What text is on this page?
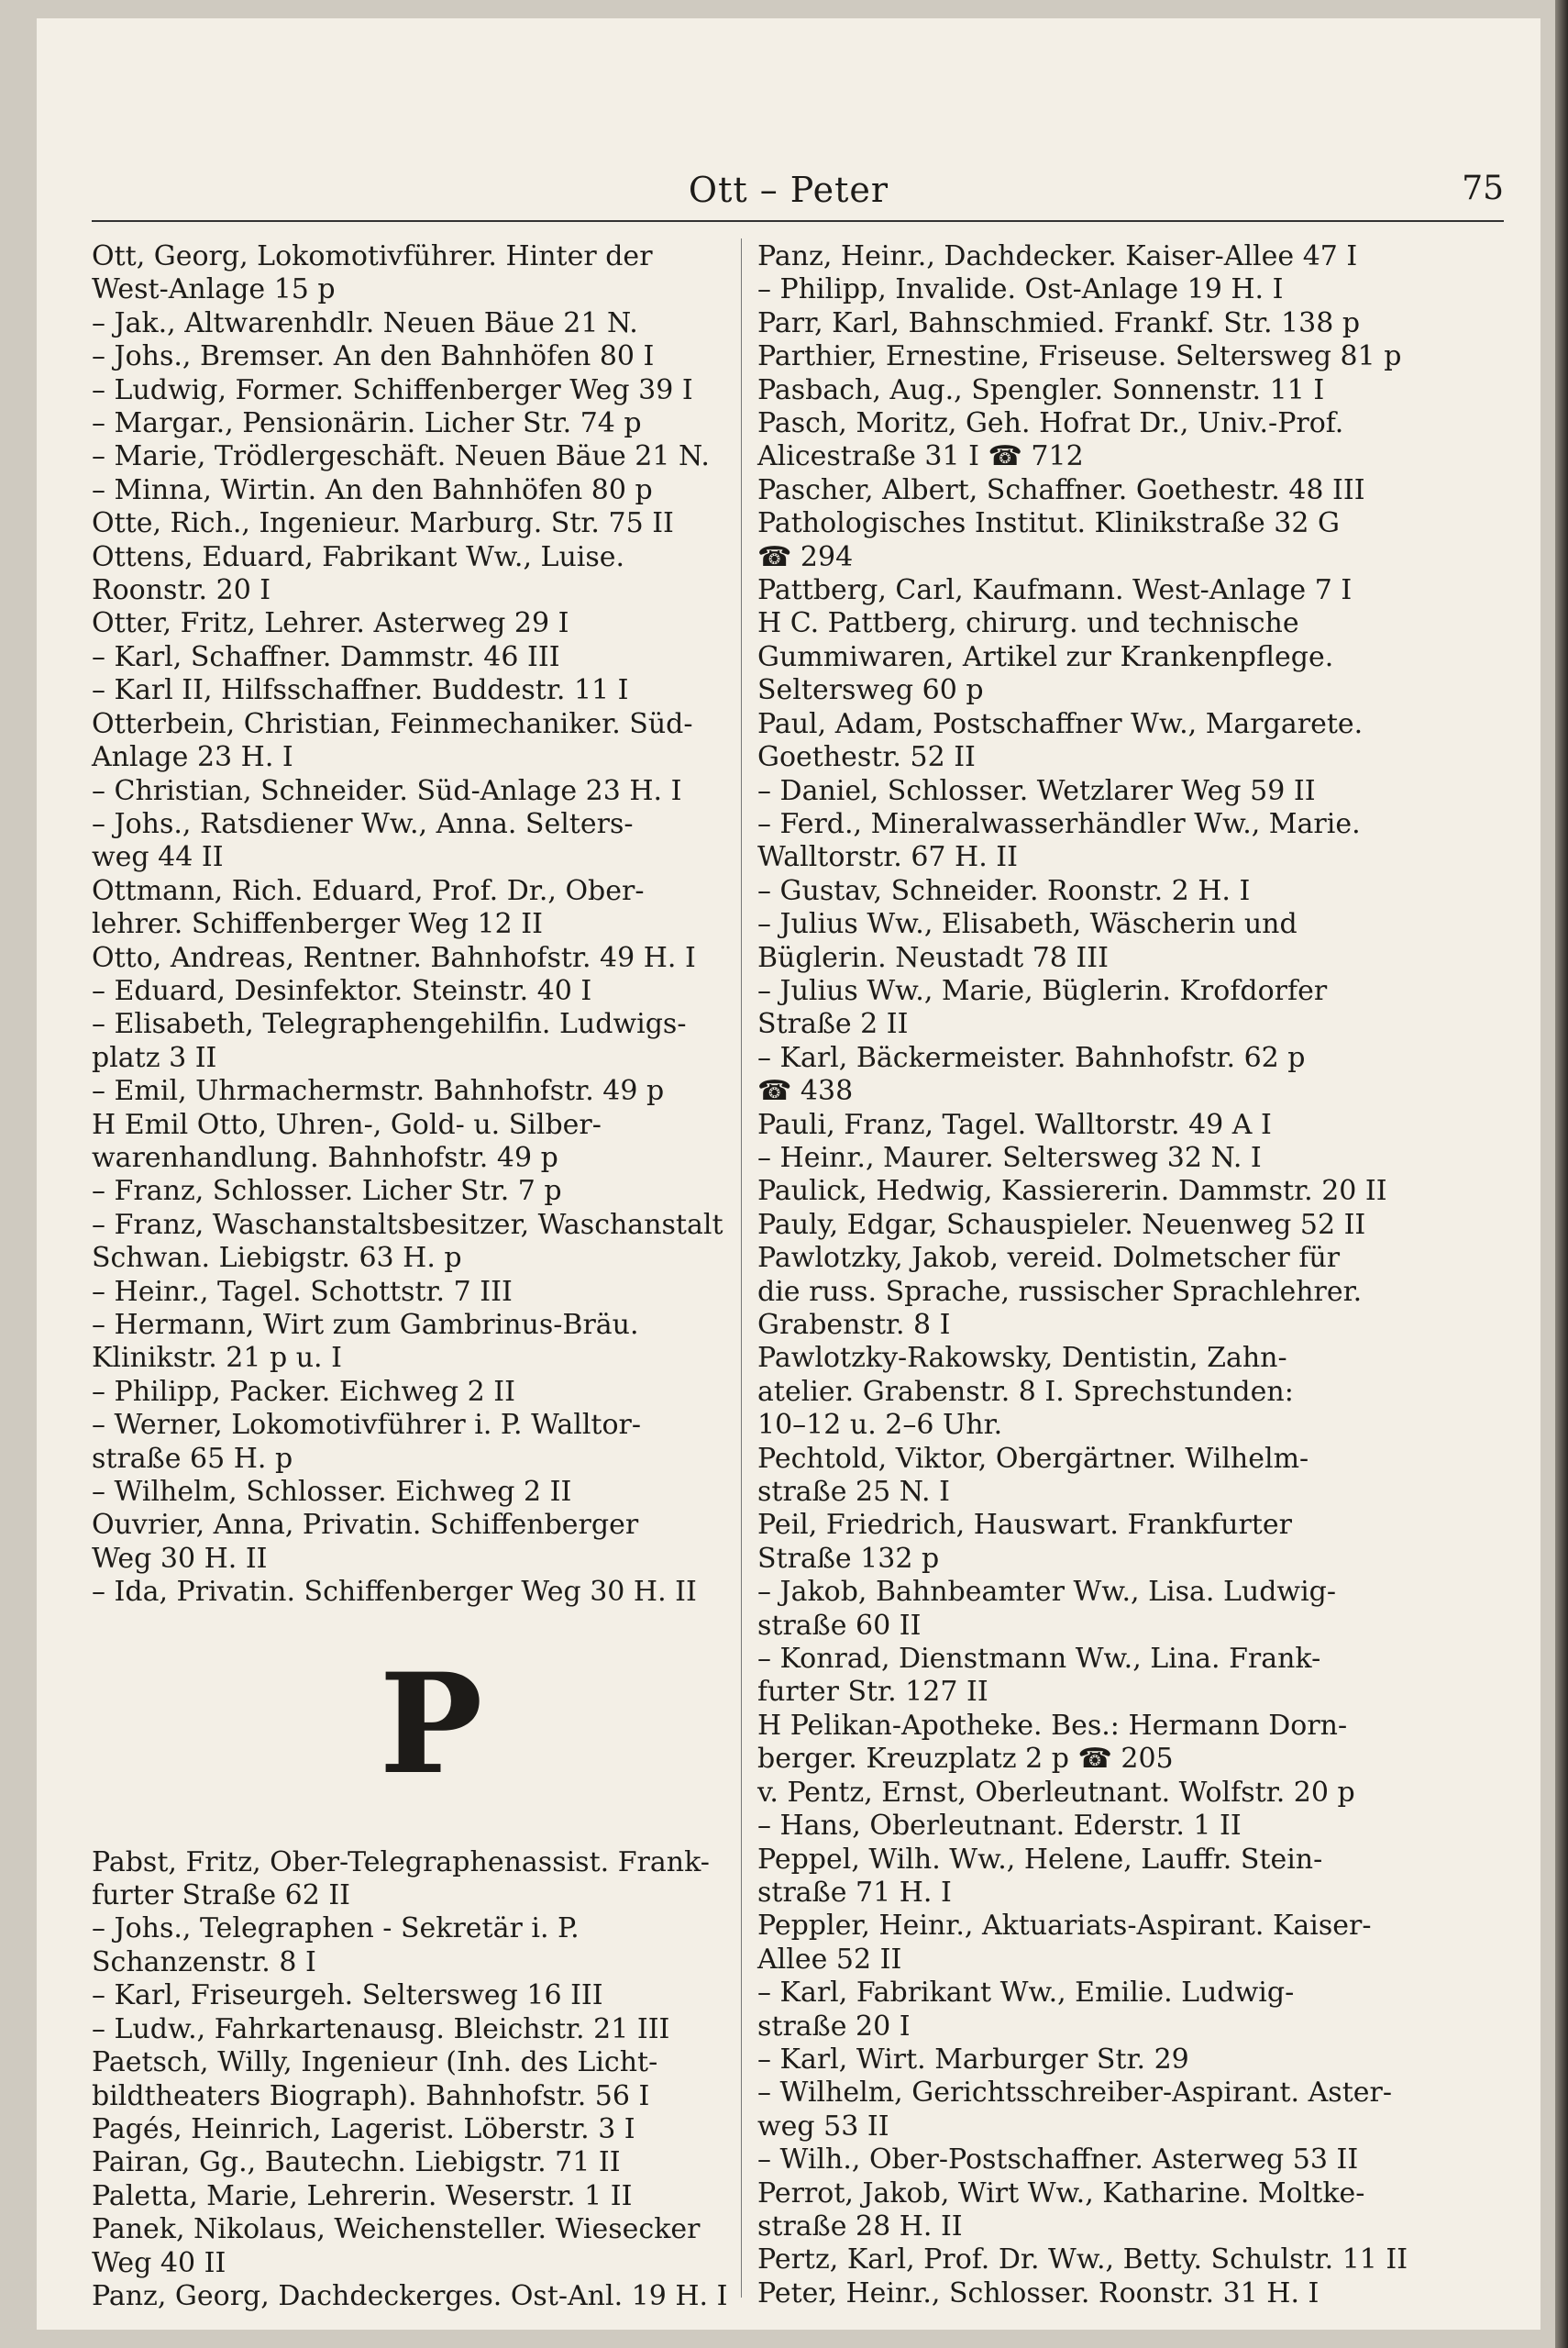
Ott – Peter	75
Ott, Georg, Lokomotivführer. Hinter der
West-Anlage 15 p
– Jak., Altwarenhdlr. Neuen Bäue 21 N.
– Johs., Bremser. An den Bahnhöfen 80 I
– Ludwig, Former. Schiffenberger Weg 39 I
– Margar., Pensionärin. Licher Str. 74 p
– Marie, Trödlergeschäft. Neuen Bäue 21 N.
– Minna, Wirtin. An den Bahnhöfen 80 p
Otte, Rich., Ingenieur. Marburg. Str. 75 II
Ottens, Eduard, Fabrikant Ww., Luise.
Roonstr. 20 I
Otter, Fritz, Lehrer. Asterweg 29 I
– Karl, Schaffner. Dammstr. 46 III
– Karl II, Hilfsschaffner. Buddestr. 11 I
Otterbein, Christian, Feinmechaniker. Süd-
Anlage 23 H. I
– Christian, Schneider. Süd-Anlage 23 H. I
– Johs., Ratsdiener Ww., Anna. Selters-
weg 44 II
Ottmann, Rich. Eduard, Prof. Dr., Ober-
lehrer. Schiffenberger Weg 12 II
Otto, Andreas, Rentner. Bahnhofstr. 49 H. I
– Eduard, Desinfektor. Steinstr. 40 I
– Elisabeth, Telegraphengehilfin. Ludwigs-
platz 3 II
– Emil, Uhrmachermstr. Bahnhofstr. 49 p
H Emil Otto, Uhren-, Gold- u. Silber-
warenhandlung. Bahnhofstr. 49 p
– Franz, Schlosser. Licher Str. 7 p
– Franz, Waschanstaltsbesitzer, Waschanstalt
Schwan. Liebigstr. 63 H. p
– Heinr., Tagel. Schottstr. 7 III
– Hermann, Wirt zum Gambrinus-Bräu.
Klinikstr. 21 p u. I
– Philipp, Packer. Eichweg 2 II
– Werner, Lokomotivführer i. P. Walltor-
straße 65 H. p
– Wilhelm, Schlosser. Eichweg 2 II
Ouvrier, Anna, Privatin. Schiffenberger
Weg 30 H. II
– Ida, Privatin. Schiffenberger Weg 30 H. II
P
Pabst, Fritz, Ober-Telegraphenassist. Frank-
furter Straße 62 II
– Johs., Telegraphen - Sekretär i. P.
Schanzenstr. 8 I
– Karl, Friseurgeh. Seltersweg 16 III
– Ludw., Fahrkartenausg. Bleichstr. 21 III
Paetsch, Willy, Ingenieur (Inh. des Licht-
bildtheaters Biograph). Bahnhofstr. 56 I
Pagés, Heinrich, Lagerist. Löberstr. 3 I
Pairan, Gg., Bautechn. Liebigstr. 71 II
Paletta, Marie, Lehrerin. Weserstr. 1 II
Panek, Nikolaus, Weichensteller. Wiesecker
Weg 40 II
Panz, Georg, Dachdeckerges. Ost-Anl. 19 H. I
Panz, Heinr., Dachdecker. Kaiser-Allee 47 I
– Philipp, Invalide. Ost-Anlage 19 H. I
Parr, Karl, Bahnschmied. Frankf. Str. 138 p
Parthier, Ernestine, Friseuse. Seltersweg 81 p
Pasbach, Aug., Spengler. Sonnenstr. 11 I
Pasch, Moritz, Geh. Hofrat Dr., Univ.-Prof.
Alicestraße 31 I ☎ 712
Pascher, Albert, Schaffner. Goethestr. 48 III
Pathologisches Institut. Klinikstraße 32 G
☎ 294
Pattberg, Carl, Kaufmann. West-Anlage 7 I
H C. Pattberg, chirurg. und technische
Gummiwaren, Artikel zur Krankenpflege.
Seltersweg 60 p
Paul, Adam, Postschaffner Ww., Margarete.
Goethestr. 52 II
– Daniel, Schlosser. Wetzlarer Weg 59 II
– Ferd., Mineralwasserhändler Ww., Marie.
Walltorstr. 67 H. II
– Gustav, Schneider. Roonstr. 2 H. I
– Julius Ww., Elisabeth, Wäscherin und
Büglerin. Neustadt 78 III
– Julius Ww., Marie, Büglerin. Krofdorfer
Straße 2 II
– Karl, Bäckermeister. Bahnhofstr. 62 p
☎ 438
Pauli, Franz, Tagel. Walltorstr. 49 A I
– Heinr., Maurer. Seltersweg 32 N. I
Paulick, Hedwig, Kassiererin. Dammstr. 20 II
Pauly, Edgar, Schauspieler. Neuenweg 52 II
Pawlotzky, Jakob, vereid. Dolmetscher für
die russ. Sprache, russischer Sprachlehrer.
Grabenstr. 8 I
Pawlotzky-Rakowsky, Dentistin, Zahn-
atelier. Grabenstr. 8 I. Sprechstunden:
10–12 u. 2–6 Uhr.
Pechtold, Viktor, Obergärtner. Wilhelm-
straße 25 N. I
Peil, Friedrich, Hauswart. Frankfurter
Straße 132 p
– Jakob, Bahnbeamter Ww., Lisa. Ludwig-
straße 60 II
– Konrad, Dienstmann Ww., Lina. Frank-
furter Str. 127 II
H Pelikan-Apotheke. Bes.: Hermann Dorn-
berger. Kreuzplatz 2 p ☎ 205
v. Pentz, Ernst, Oberleutnant. Wolfstr. 20 p
– Hans, Oberleutnant. Ederstr. 1 II
Peppel, Wilh. Ww., Helene, Lauffr. Stein-
straße 71 H. I
Peppler, Heinr., Aktuariats-Aspirant. Kaiser-
Allee 52 II
– Karl, Fabrikant Ww., Emilie. Ludwig-
straße 20 I
– Karl, Wirt. Marburger Str. 29
– Wilhelm, Gerichtsschreiber-Aspirant. Aster-
weg 53 II
– Wilh., Ober-Postschaffner. Asterweg 53 II
Perrot, Jakob, Wirt Ww., Katharine. Moltke-
straße 28 H. II
Pertz, Karl, Prof. Dr. Ww., Betty. Schulstr. 11 II
Peter, Heinr., Schlosser. Roonstr. 31 H. I
